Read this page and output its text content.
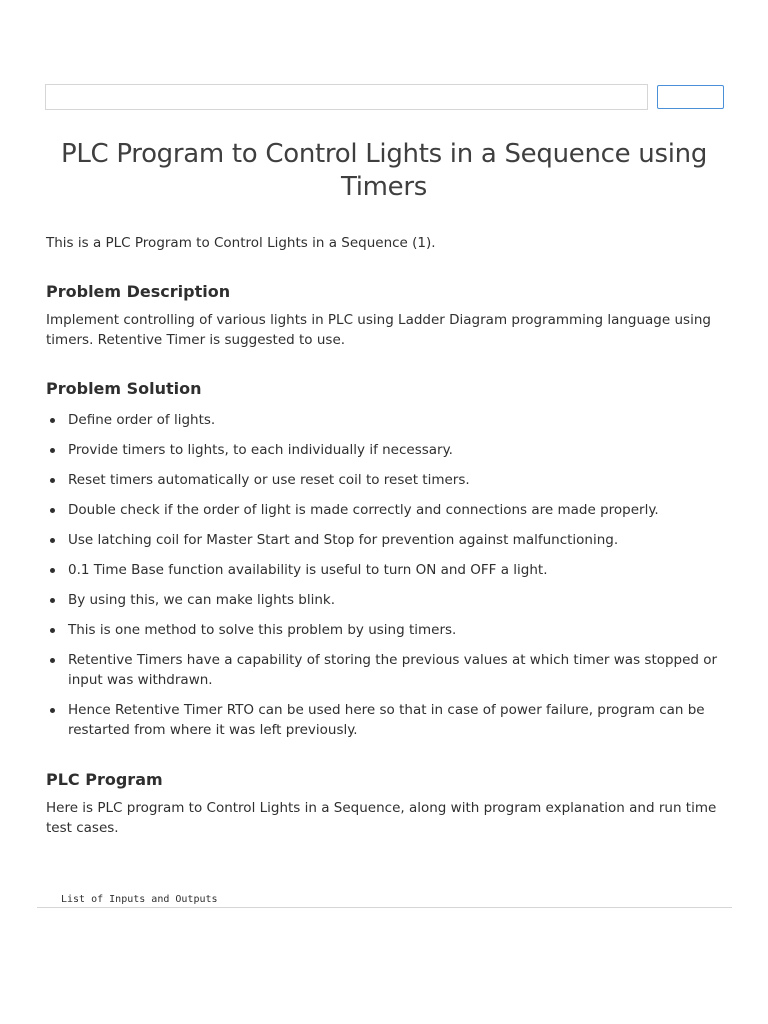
PLC Program to Control Lights in a Sequence using Timers

This is a PLC Program to Control Lights in a Sequence (1).

Problem Description

Implement controlling of various lights in PLC using Ladder Diagram programming language using timers. Retentive Timer is suggested to use.

Problem Solution
Define order of lights.
Provide timers to lights, to each individually if necessary.
Reset timers automatically or use reset coil to reset timers.
Double check if the order of light is made correctly and connections are made properly.
Use latching coil for Master Start and Stop for prevention against malfunctioning.
0.1 Time Base function availability is useful to turn ON and OFF a light.
By using this, we can make lights blink.
This is one method to solve this problem by using timers.
Retentive Timers have a capability of storing the previous values at which timer was stopped or input was withdrawn.
Hence Retentive Timer RTO can be used here so that in case of power failure, program can be restarted from where it was left previously.
PLC Program

Here is PLC program to Control Lights in a Sequence, along with program explanation and run time test cases.

List of Inputs and Outputs
